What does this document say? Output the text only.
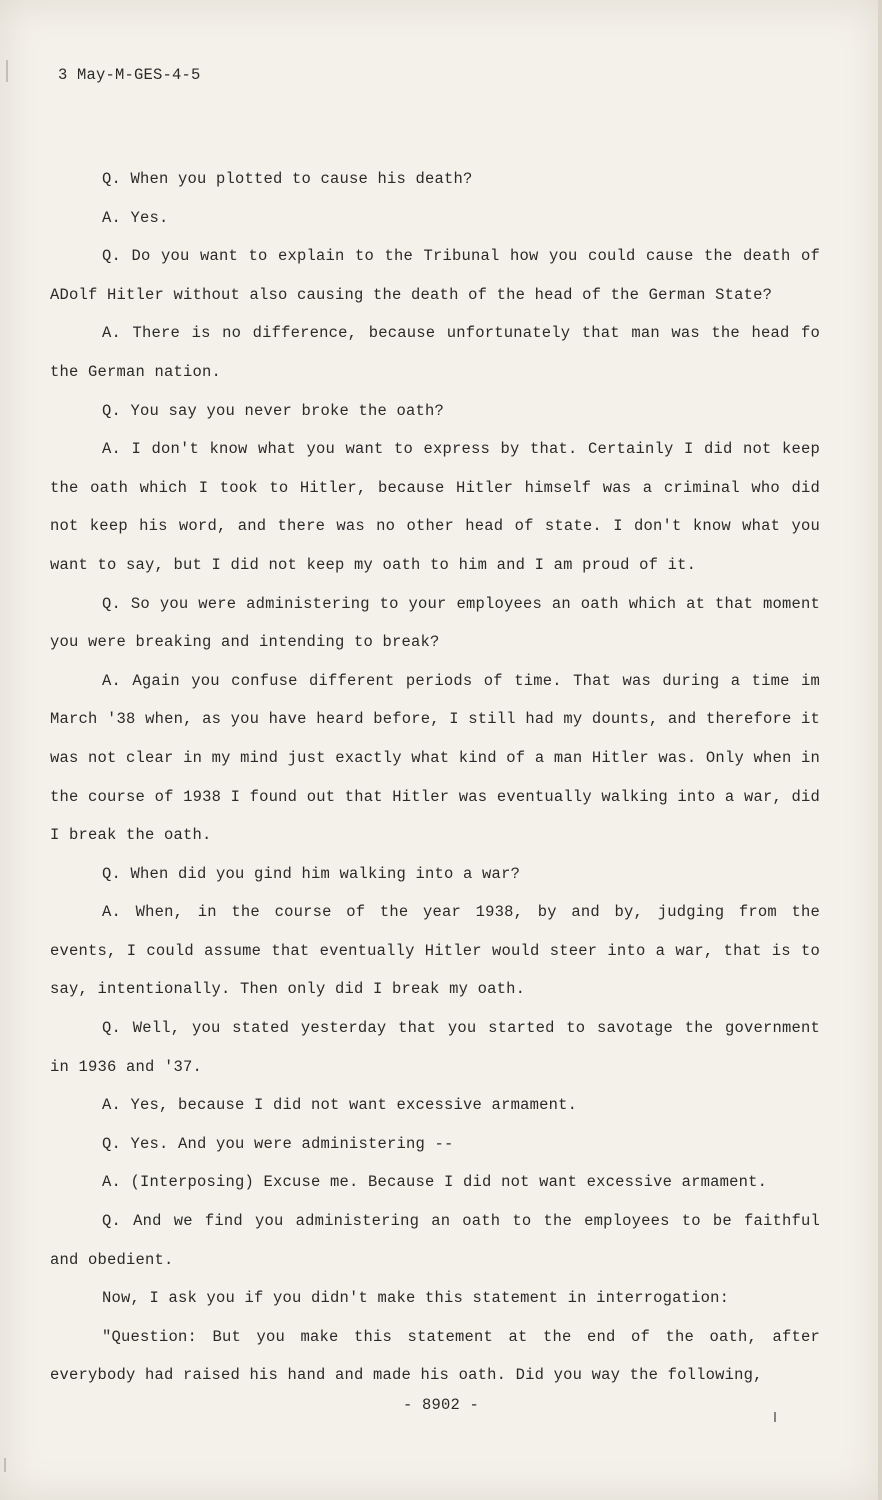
3 May-M-GES-4-5

Q. When you plotted to cause his death?

A. Yes.

Q. Do you want to explain to the Tribunal how you could cause the death of ADolf Hitler without also causing the death of the head of the German State?

A. There is no difference, because unfortunately that man was the head fo the German nation.

Q. You say you never broke the oath?

A. I don't know what you want to express by that. Certainly I did not keep the oath which I took to Hitler, because Hitler himself was a criminal who did not keep his word, and there was no other head of state. I don't know what you want to say, but I did not keep my oath to him and I am proud of it.

Q. So you were administering to your employees an oath which at that moment you were breaking and intending to break?

A. Again you confuse different periods of time. That was during a time im March '38 when, as you have heard before, I still had my dounts, and therefore it was not clear in my mind just exactly what kind of a man Hitler was. Only when in the course of 1938 I found out that Hitler was eventually walking into a war, did I break the oath.

Q. When did you gind him walking into a war?

A. When, in the course of the year 1938, by and by, judging from the events, I could assume that eventually Hitler would steer into a war, that is to say, intentionally. Then only did I break my oath.

Q. Well, you stated yesterday that you started to savotage the government in 1936 and '37.

A. Yes, because I did not want excessive armament.

Q. Yes. And you were administering --

A. (Interposing) Excuse me. Because I did not want excessive armament.

Q. And we find you administering an oath to the employees to be faithful and obedient.

Now, I ask you if you didn't make this statement in interrogation:

"Question: But you make this statement at the end of the oath, after everybody had raised his hand and made his oath. Did you way the following,

- 8902 -
